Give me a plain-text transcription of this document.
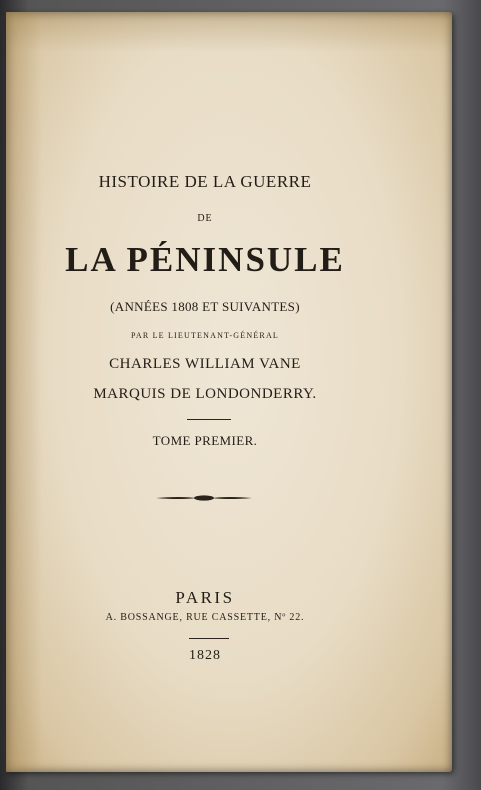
HISTOIRE DE LA GUERRE
DE
LA PÉNINSULE
(ANNÉES 1808 ET SUIVANTES)
PAR LE LIEUTENANT-GÉNÉRAL
CHARLES WILLIAM VANE
MARQUIS DE LONDONDERRY.
TOME PREMIER.
PARIS
A. BOSSANGE, RUE CASSETTE, Nº 22.
1828
